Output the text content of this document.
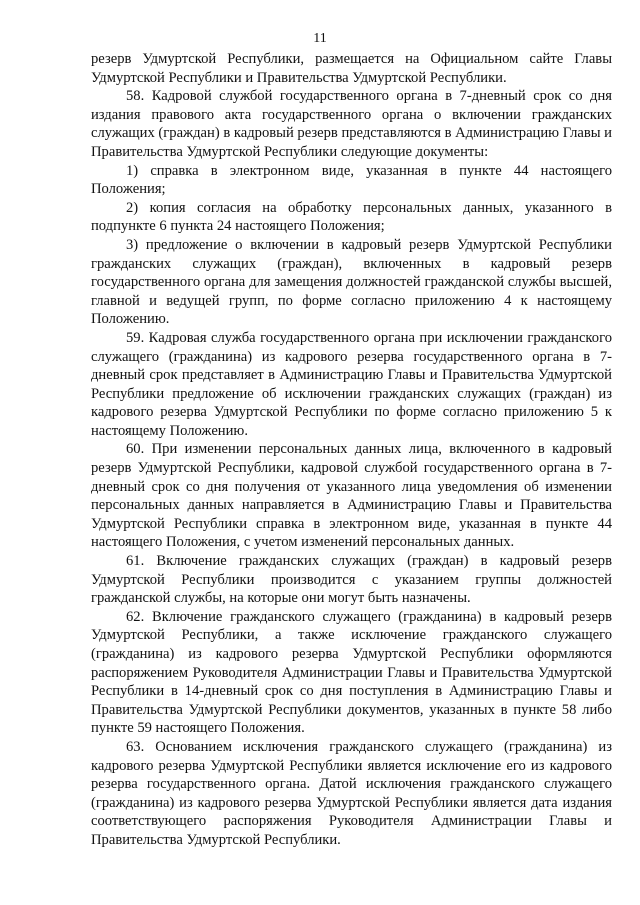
11

резерв Удмуртской Республики, размещается на Официальном сайте Главы Удмуртской Республики и Правительства Удмуртской Республики.

58. Кадровой службой государственного органа в 7-дневный срок со дня издания правового акта государственного органа о включении гражданских служащих (граждан) в кадровый резерв представляются в Администрацию Главы и Правительства Удмуртской Республики следующие документы:

1) справка в электронном виде, указанная в пункте 44 настоящего Положения;

2) копия согласия на обработку персональных данных, указанного в подпункте 6 пункта 24 настоящего Положения;

3) предложение о включении в кадровый резерв Удмуртской Республики гражданских служащих (граждан), включенных в кадровый резерв государственного органа для замещения должностей гражданской службы высшей, главной и ведущей групп, по форме согласно приложению 4 к настоящему Положению.

59. Кадровая служба государственного органа при исключении гражданского служащего (гражданина) из кадрового резерва государственного органа в 7-дневный срок представляет в Администрацию Главы и Правительства Удмуртской Республики предложение об исключении гражданских служащих (граждан) из кадрового резерва Удмуртской Республики по форме согласно приложению 5 к настоящему Положению.

60. При изменении персональных данных лица, включенного в кадровый резерв Удмуртской Республики, кадровой службой государственного органа в 7-дневный срок со дня получения от указанного лица уведомления об изменении персональных данных направляется в Администрацию Главы и Правительства Удмуртской Республики справка в электронном виде, указанная в пункте 44 настоящего Положения, с учетом изменений персональных данных.

61. Включение гражданских служащих (граждан) в кадровый резерв Удмуртской Республики производится с указанием группы должностей гражданской службы, на которые они могут быть назначены.

62. Включение гражданского служащего (гражданина) в кадровый резерв Удмуртской Республики, а также исключение гражданского служащего (гражданина) из кадрового резерва Удмуртской Республики оформляются распоряжением Руководителя Администрации Главы и Правительства Удмуртской Республики в 14-дневный срок со дня поступления в Администрацию Главы и Правительства Удмуртской Республики документов, указанных в пункте 58 либо пункте 59 настоящего Положения.

63. Основанием исключения гражданского служащего (гражданина) из кадрового резерва Удмуртской Республики является исключение его из кадрового резерва государственного органа. Датой исключения гражданского служащего (гражданина) из кадрового резерва Удмуртской Республики является дата издания соответствующего распоряжения Руководителя Администрации Главы и Правительства Удмуртской Республики.
